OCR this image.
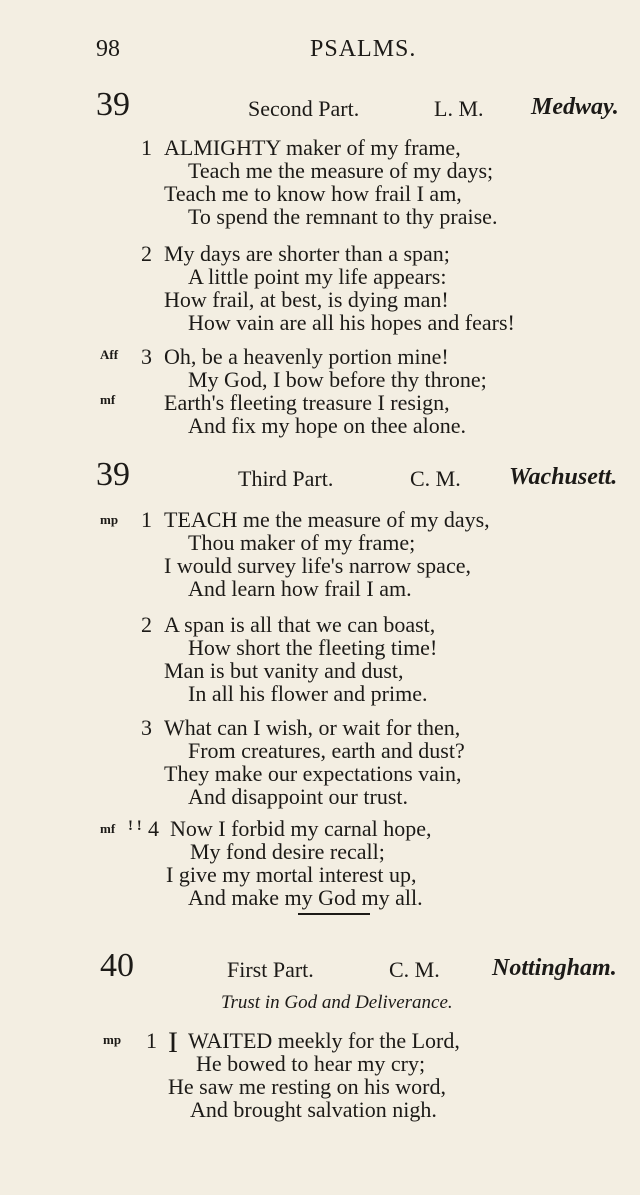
98	PSALMS.
39	Second Part.	L. M. Medway.
1 ALMIGHTY maker of my frame,
Teach me the measure of my days;
Teach me to know how frail I am,
To spend the remnant to thy praise.
2 My days are shorter than a span;
A little point my life appears:
How frail, at best, is dying man!
How vain are all his hopes and fears!
Aff 3 Oh, be a heavenly portion mine!
My God, I bow before thy throne;
mf Earth's fleeting treasure I resign,
And fix my hope on thee alone.
39	Third Part.	C. M. Wachusett.
mp 1 TEACH me the measure of my days,
Thou maker of my frame;
I would survey life's narrow space,
And learn how frail I am.
2 A span is all that we can boast,
How short the fleeting time!
Man is but vanity and dust,
In all his flower and prime.
3 What can I wish, or wait for then,
From creatures, earth and dust?
They make our expectations vain,
And disappoint our trust.
mf ! ! 4 Now I forbid my carnal hope,
My fond desire recall;
I give my mortal interest up,
And make my God my all.
40	First Part.	C. M. Nottingham.
Trust in God and Deliverance.
mp 1 I WAITED meekly for the Lord,
He bowed to hear my cry;
He saw me resting on his word,
And brought salvation nigh.
